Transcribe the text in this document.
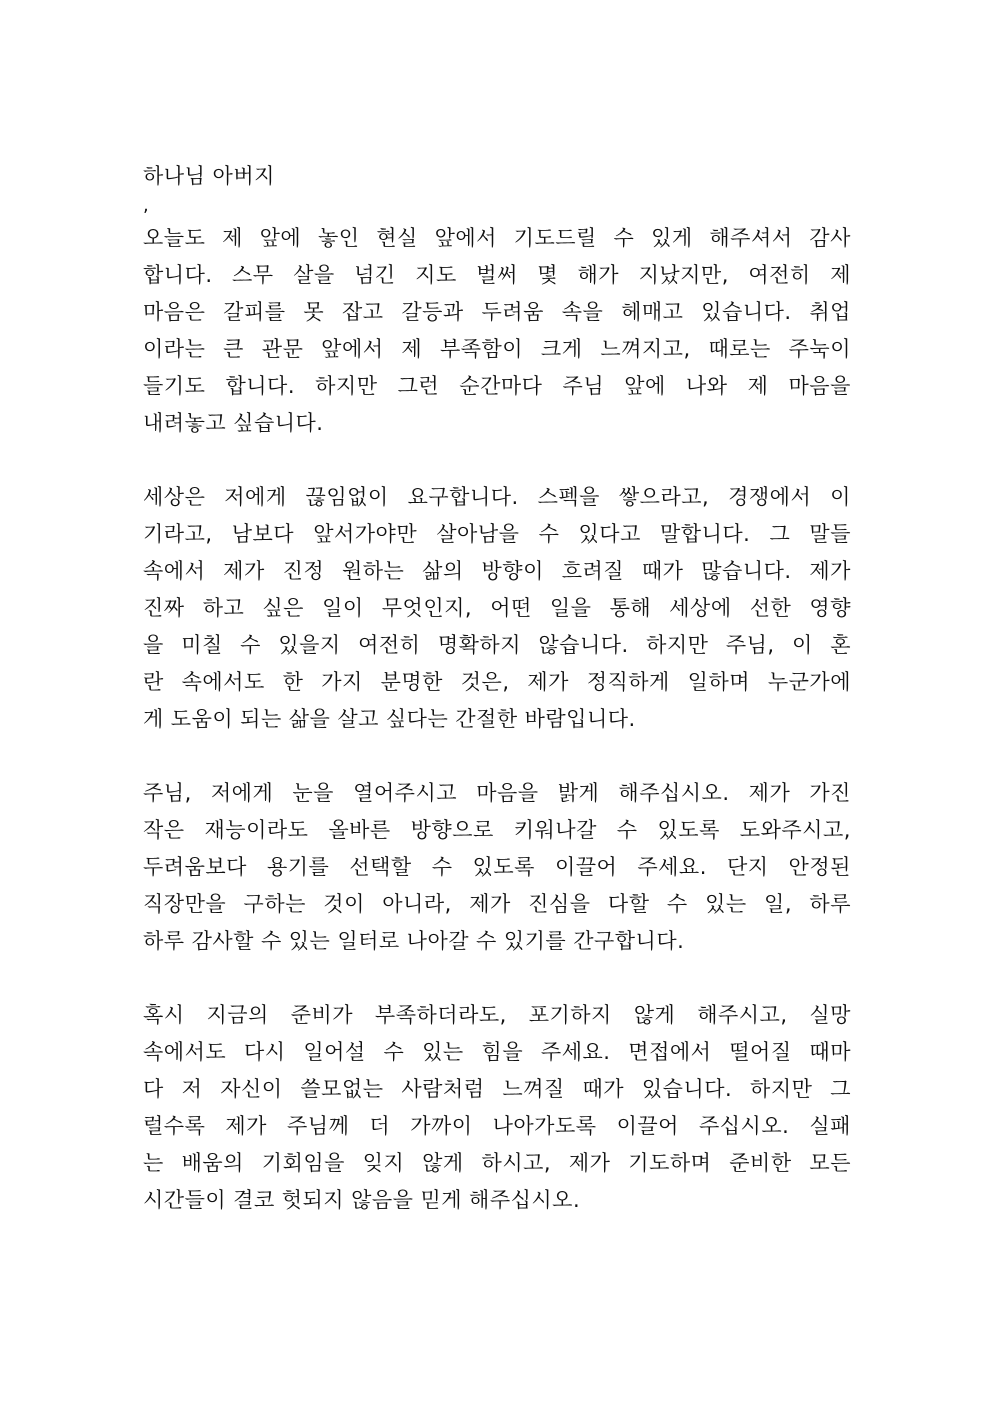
하나님 아버지
,
오늘도 제 앞에 놓인 현실 앞에서 기도드릴 수 있게 해주셔서 감사
합니다. 스무 살을 넘긴 지도 벌써 몇 해가 지났지만, 여전히 제
마음은 갈피를 못 잡고 갈등과 두려움 속을 헤매고 있습니다. 취업
이라는 큰 관문 앞에서 제 부족함이 크게 느껴지고, 때로는 주눅이
들기도 합니다. 하지만 그런 순간마다 주님 앞에 나와 제 마음을
내려놓고 싶습니다.
세상은 저에게 끊임없이 요구합니다. 스펙을 쌓으라고, 경쟁에서 이
기라고, 남보다 앞서가야만 살아남을 수 있다고 말합니다. 그 말들
속에서 제가 진정 원하는 삶의 방향이 흐려질 때가 많습니다. 제가
진짜 하고 싶은 일이 무엇인지, 어떤 일을 통해 세상에 선한 영향
을 미칠 수 있을지 여전히 명확하지 않습니다. 하지만 주님, 이 혼
란 속에서도 한 가지 분명한 것은, 제가 정직하게 일하며 누군가에
게 도움이 되는 삶을 살고 싶다는 간절한 바람입니다.
주님, 저에게 눈을 열어주시고 마음을 밝게 해주십시오. 제가 가진
작은 재능이라도 올바른 방향으로 키워나갈 수 있도록 도와주시고,
두려움보다 용기를 선택할 수 있도록 이끌어 주세요. 단지 안정된
직장만을 구하는 것이 아니라, 제가 진심을 다할 수 있는 일, 하루
하루 감사할 수 있는 일터로 나아갈 수 있기를 간구합니다.
혹시 지금의 준비가 부족하더라도, 포기하지 않게 해주시고, 실망
속에서도 다시 일어설 수 있는 힘을 주세요. 면접에서 떨어질 때마
다 저 자신이 쓸모없는 사람처럼 느껴질 때가 있습니다. 하지만 그
럴수록 제가 주님께 더 가까이 나아가도록 이끌어 주십시오. 실패
는 배움의 기회임을 잊지 않게 하시고, 제가 기도하며 준비한 모든
시간들이 결코 헛되지 않음을 믿게 해주십시오.
